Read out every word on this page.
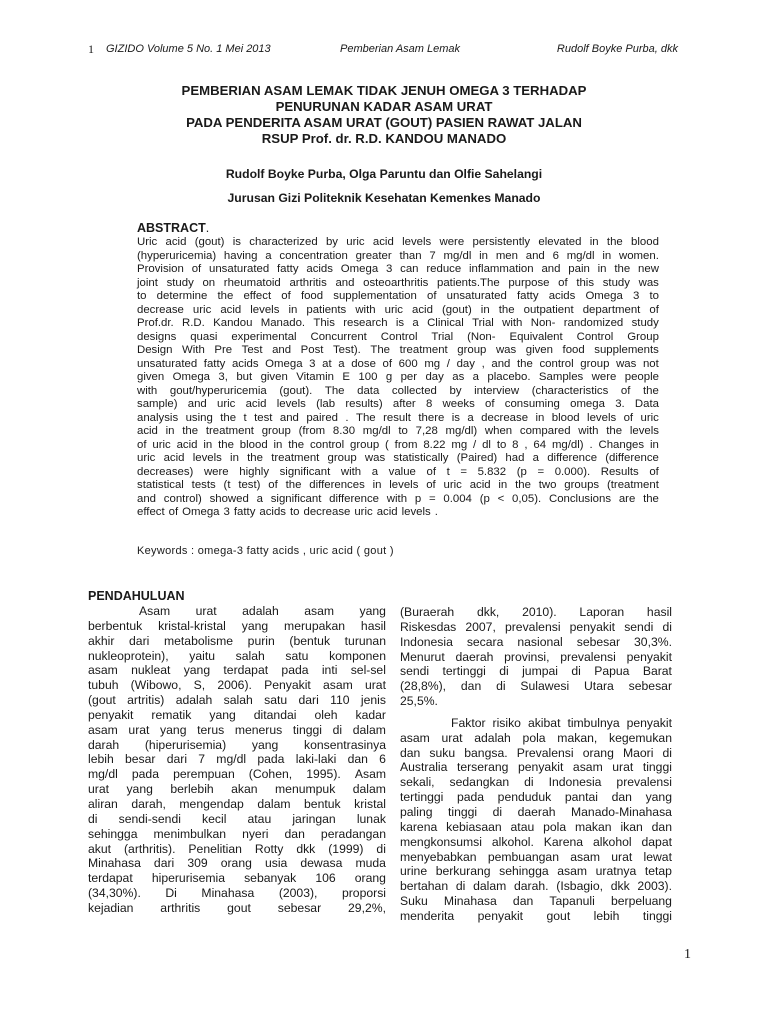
1 GIZIDO Volume 5 No. 1 Mei 2013	Pemberian Asam Lemak	Rudolf Boyke Purba, dkk
PEMBERIAN ASAM LEMAK TIDAK JENUH OMEGA 3 TERHADAP
PENURUNAN KADAR ASAM URAT
PADA PENDERITA ASAM URAT (GOUT) PASIEN RAWAT JALAN
RSUP Prof. dr. R.D. KANDOU MANADO
Rudolf Boyke Purba, Olga Paruntu dan Olfie Sahelangi
Jurusan Gizi Politeknik Kesehatan Kemenkes Manado
ABSTRACT.
Uric acid (gout) is characterized by uric acid levels were persistently elevated in the blood
(hyperuricemia) having a concentration greater than 7 mg/dl in men and 6 mg/dl in women.
Provision of unsaturated fatty acids Omega 3 can reduce inflammation and pain in the new
joint study on rheumatoid arthritis and osteoarthritis patients.The purpose of this study was
to determine the effect of food supplementation of unsaturated fatty acids Omega 3 to
decrease uric acid levels in patients with uric acid (gout) in the outpatient department of
Prof.dr. R.D. Kandou Manado. This research is a Clinical Trial with Non- randomized study
designs quasi experimental Concurrent Control Trial (Non- Equivalent Control Group
Design With Pre Test and Post Test). The treatment group was given food supplements
unsaturated fatty acids Omega 3 at a dose of 600 mg / day , and the control group was not
given Omega 3, but given Vitamin E 100 g per day as a placebo. Samples were people
with gout/hyperuricemia (gout). The data collected by interview (characteristics of the
sample) and uric acid levels (lab results) after 8 weeks of consuming omega 3. Data
analysis using the t test and paired . The result there is a decrease in blood levels of uric
acid in the treatment group (from 8.30 mg/dl to 7,28 mg/dl) when compared with the levels
of uric acid in the blood in the control group ( from 8.22 mg / dl to 8 , 64 mg/dl) . Changes in
uric acid levels in the treatment group was statistically (Paired) had a difference (difference
decreases) were highly significant with a value of t = 5.832 (p = 0.000). Results of
statistical tests (t test) of the differences in levels of uric acid in the two groups (treatment
and control) showed a significant difference with p = 0.004 (p < 0,05). Conclusions are the
effect of Omega 3 fatty acids to decrease uric acid levels .
Keywords : omega-3 fatty acids , uric acid ( gout )
PENDAHULUAN
Asam urat adalah asam yang
berbentuk kristal-kristal yang merupakan hasil
akhir dari metabolisme purin (bentuk turunan
nukleoprotein), yaitu salah satu komponen
asam nukleat yang terdapat pada inti sel-sel
tubuh (Wibowo, S, 2006). Penyakit asam urat
(gout artritis) adalah salah satu dari 110 jenis
penyakit rematik yang ditandai oleh kadar
asam urat yang terus menerus tinggi di dalam
darah (hiperurisemia) yang konsentrasinya
lebih besar dari 7 mg/dl pada laki-laki dan 6
mg/dl pada perempuan (Cohen, 1995). Asam
urat yang berlebih akan menumpuk dalam
aliran darah, mengendap dalam bentuk kristal
di sendi-sendi kecil atau jaringan lunak
sehingga menimbulkan nyeri dan peradangan
akut (arthritis). Penelitian Rotty dkk (1999) di
Minahasa dari 309 orang usia dewasa muda
terdapat hiperurisemia sebanyak 106 orang
(34,30%). Di Minahasa (2003), proporsi
kejadian arthritis gout sebesar 29,2%,
(Buraerah dkk, 2010). Laporan hasil
Riskesdas 2007, prevalensi penyakit sendi di
Indonesia secara nasional sebesar 30,3%.
Menurut daerah provinsi, prevalensi penyakit
sendi tertinggi di jumpai di Papua Barat
(28,8%), dan di Sulawesi Utara sebesar
25,5%.
Faktor risiko akibat timbulnya penyakit
asam urat adalah pola makan, kegemukan
dan suku bangsa. Prevalensi orang Maori di
Australia terserang penyakit asam urat tinggi
sekali, sedangkan di Indonesia prevalensi
tertinggi pada penduduk pantai dan yang
paling tinggi di daerah Manado-Minahasa
karena kebiasaan atau pola makan ikan dan
mengkonsumsi alkohol. Karena alkohol dapat
menyebabkan pembuangan asam urat lewat
urine berkurang sehingga asam uratnya tetap
bertahan di dalam darah. (Isbagio, dkk 2003).
Suku Minahasa dan Tapanuli berpeluang
menderita penyakit gout lebih tinggi
1
